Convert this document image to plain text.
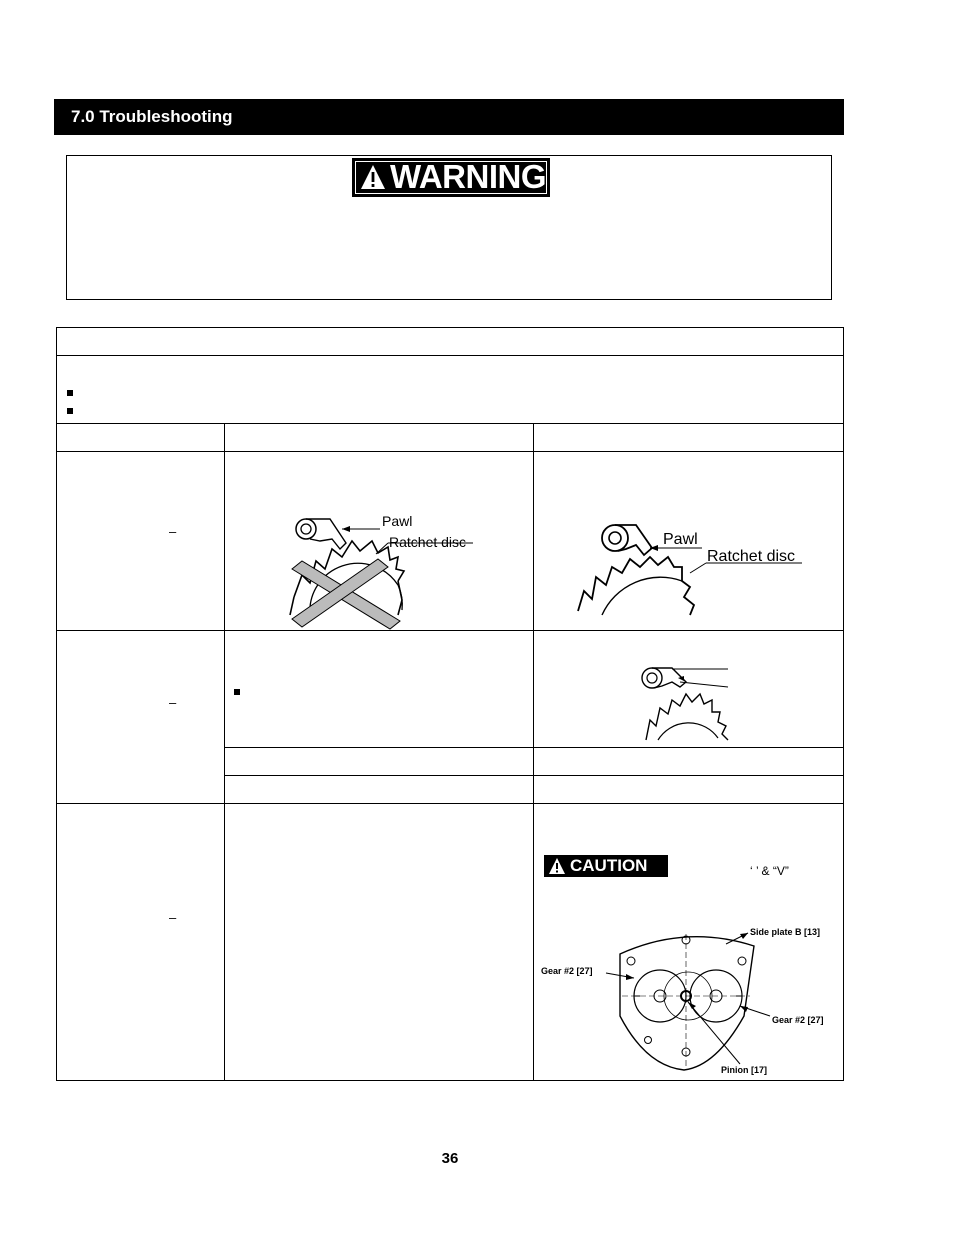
7.0 Troubleshooting
WARNING
–
–
–
Pawl
Ratchet disc	Pawl
Ratchet disc
CAUTION	‘ ’ & “V”
Side plate B [13]
Gear #2 [27]
Gear #2 [27]
Pinion [17]
36
